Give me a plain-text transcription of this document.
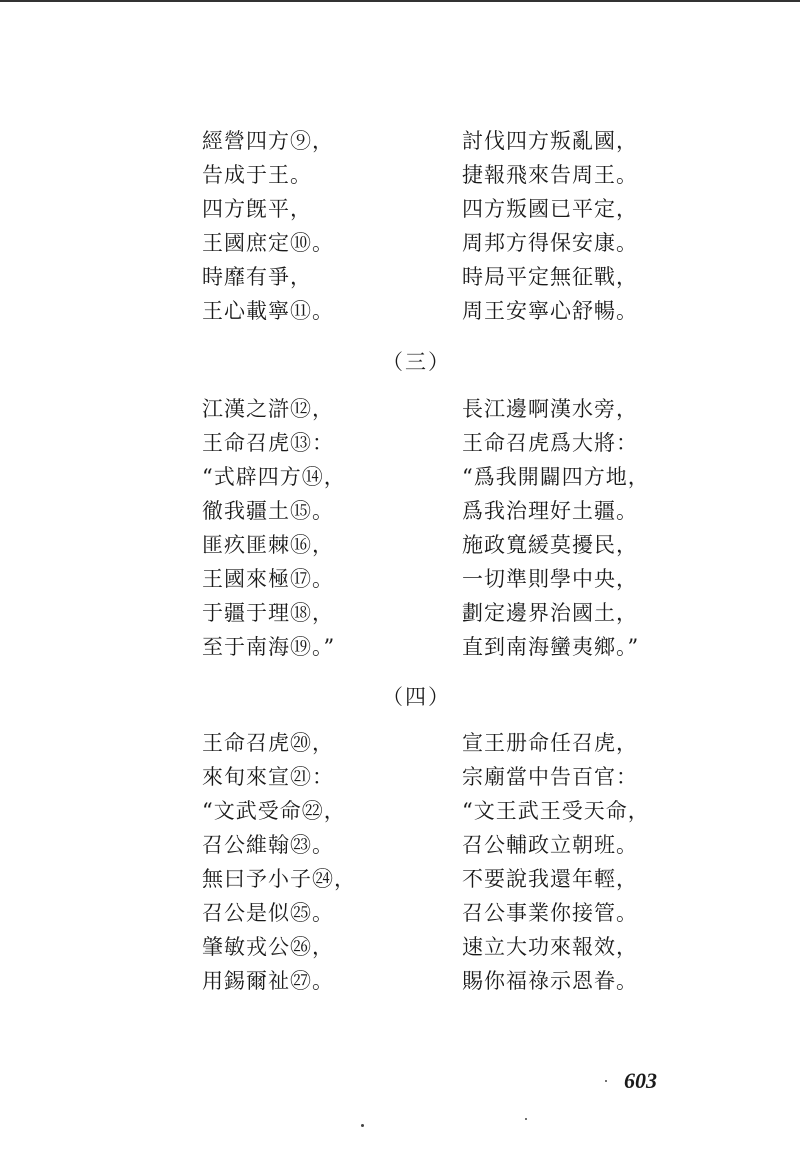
經營四方⑨，
告成于王。
四方旣平，
王國庶定⑩。
時靡有爭，
王心載寧⑪。
討伐四方叛亂國，
捷報飛來告周王。
四方叛國已平定，
周邦方得保安康。
時局平定無征戰，
周王安寧心舒暢。
（三）
江漢之滸⑫，
王命召虎⑬：
“式辟四方⑭，
徹我疆土⑮。
匪疚匪棘⑯，
王國來極⑰。
于疆于理⑱，
至于南海⑲。”
長江邊啊漢水旁，
王命召虎爲大將：
“爲我開闢四方地，
爲我治理好土疆。
施政寬緩莫擾民，
一切準則學中央，
劃定邊界治國土，
直到南海蠻夷鄉。”
（四）
王命召虎⑳，
來旬來宣㉑：
“文武受命㉒，
召公維翰㉓。
無曰予小子㉔，
召公是似㉕。
肇敏戎公㉖，
用錫爾祉㉗。
宣王册命任召虎，
宗廟當中告百官：
“文王武王受天命，
召公輔政立朝班。
不要說我還年輕，
召公事業你接管。
速立大功來報效，
賜你福祿示恩眷。
603
